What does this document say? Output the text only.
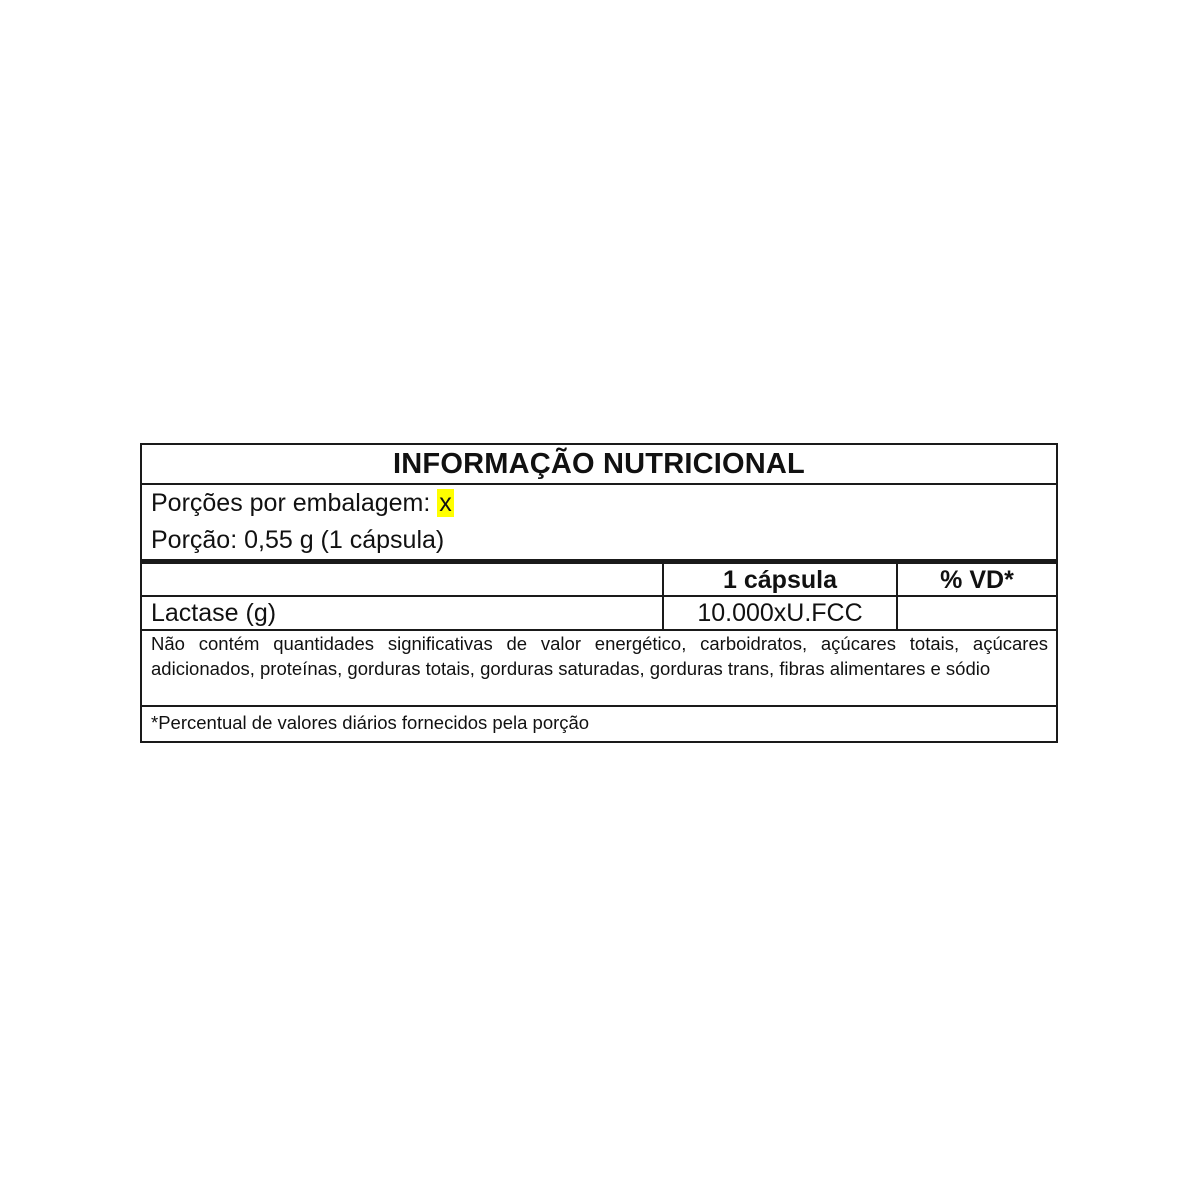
INFORMAÇÃO NUTRICIONAL
Porções por embalagem: x
Porção: 0,55 g (1 cápsula)
1 cápsula	% VD*
Lactase (g)	10.000xU.FCC
Não contém quantidades significativas de valor energético, carboidratos, açúcares totais, açúcares adicionados, proteínas, gorduras totais, gorduras saturadas, gorduras trans, fibras alimentares e sódio
*Percentual de valores diários fornecidos pela porção
